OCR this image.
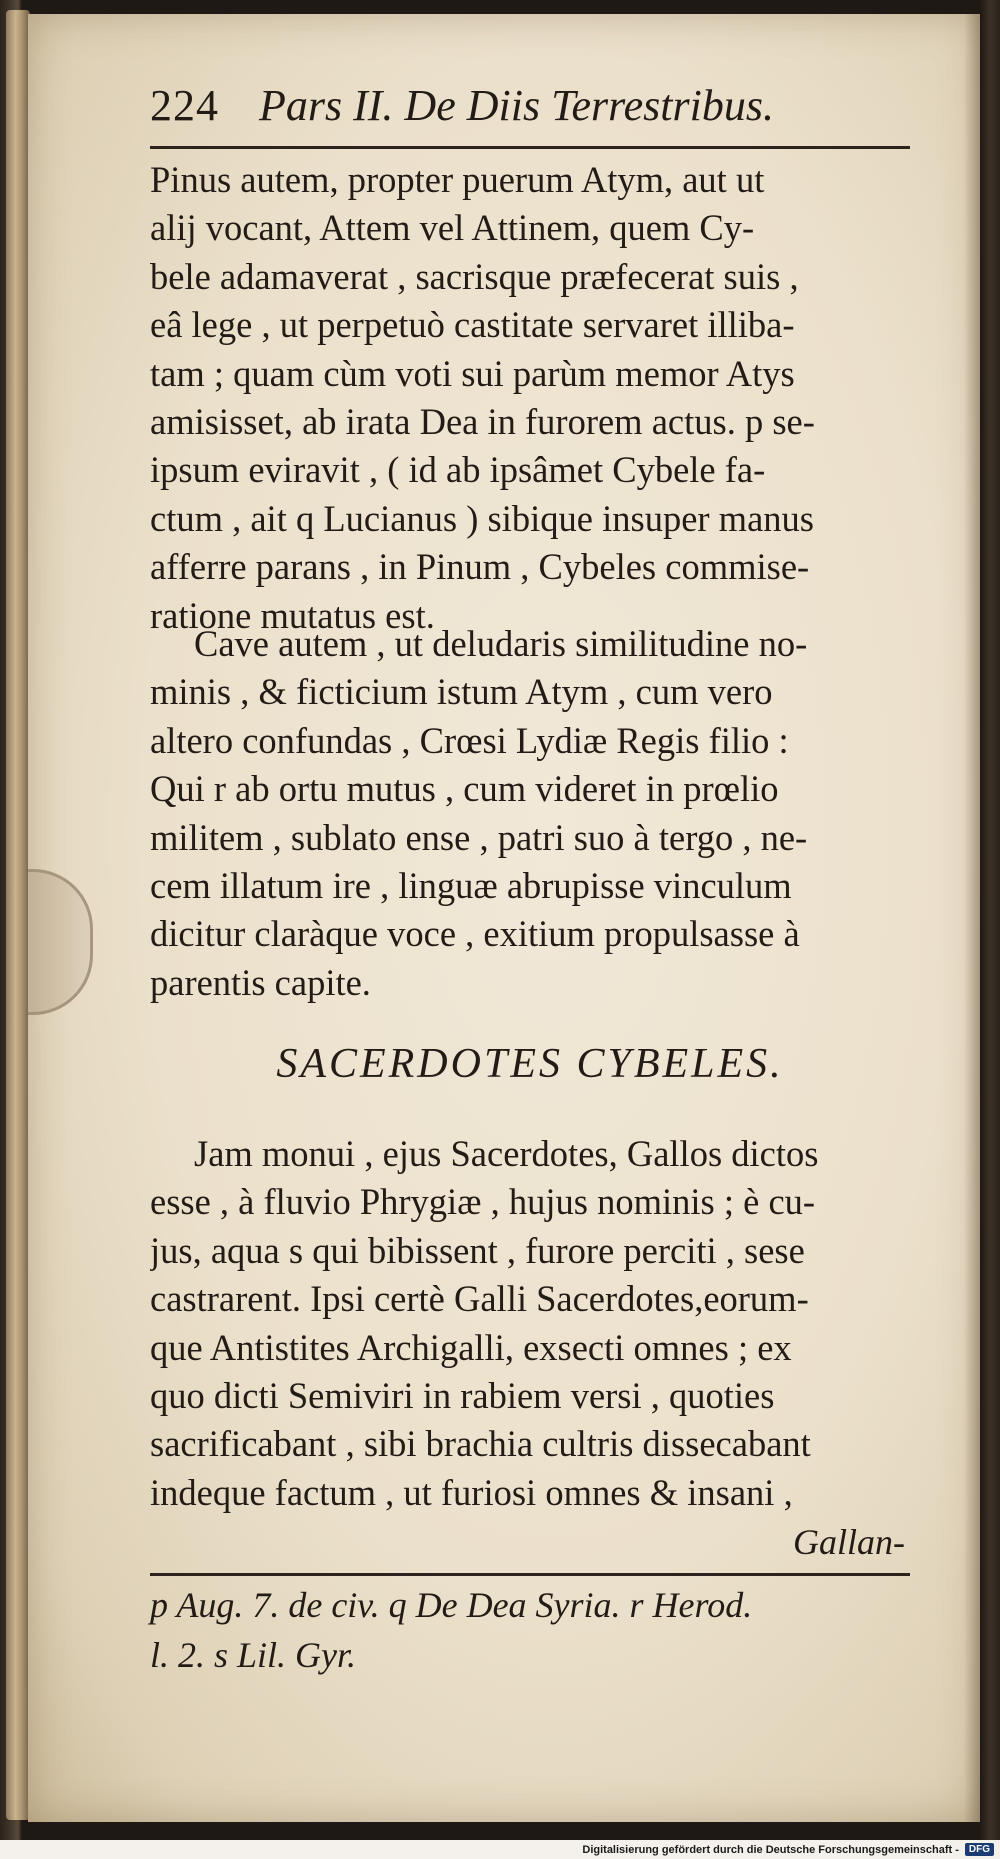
224 Pars II. De Diis Terrestribus.
Pinus autem, propter puerum Atym, aut ut
alij vocant, Attem vel Attinem, quem Cy-
bele adamaverat , sacrisque præfecerat suis ,
eâ lege , ut perpetuò castitate servaret illiba-
tam ; quam cùm voti sui parùm memor Atys
amisisset, ab irata Dea in furorem actus. p se-
ipsum eviravit , ( id ab ipsâmet Cybele fa-
ctum , ait q Lucianus ) sibique insuper manus
afferre parans , in Pinum , Cybeles commise-
ratione mutatus est.
Cave autem , ut deludaris similitudine no-
minis , & ficticium istum Atym , cum vero
altero confundas , Crœsi Lydiæ Regis filio :
Qui r ab ortu mutus , cum videret in prœlio
militem , sublato ense , patri suo à tergo , ne-
cem illatum ire , linguæ abrupisse vinculum
dicitur claràque voce , exitium propulsasse à
parentis capite.
SACERDOTES CYBELES.
Jam monui , ejus Sacerdotes, Gallos dictos
esse , à fluvio Phrygiæ , hujus nominis ; è cu-
jus, aqua s qui bibissent , furore perciti , sese
castrarent. Ipsi certè Galli Sacerdotes,eorum-
que Antistites Archigalli, exsecti omnes ; ex
quo dicti Semiviri in rabiem versi , quoties
sacrificabant , sibi brachia cultris dissecabant
indeque factum , ut furiosi omnes & insani ,
Gallan-
p Aug. 7. de civ. q De Dea Syria. r Herod.
l. 2. s Lil. Gyr.
Digitalisierung gefördert durch die Deutsche Forschungsgemeinschaft -	DFG
